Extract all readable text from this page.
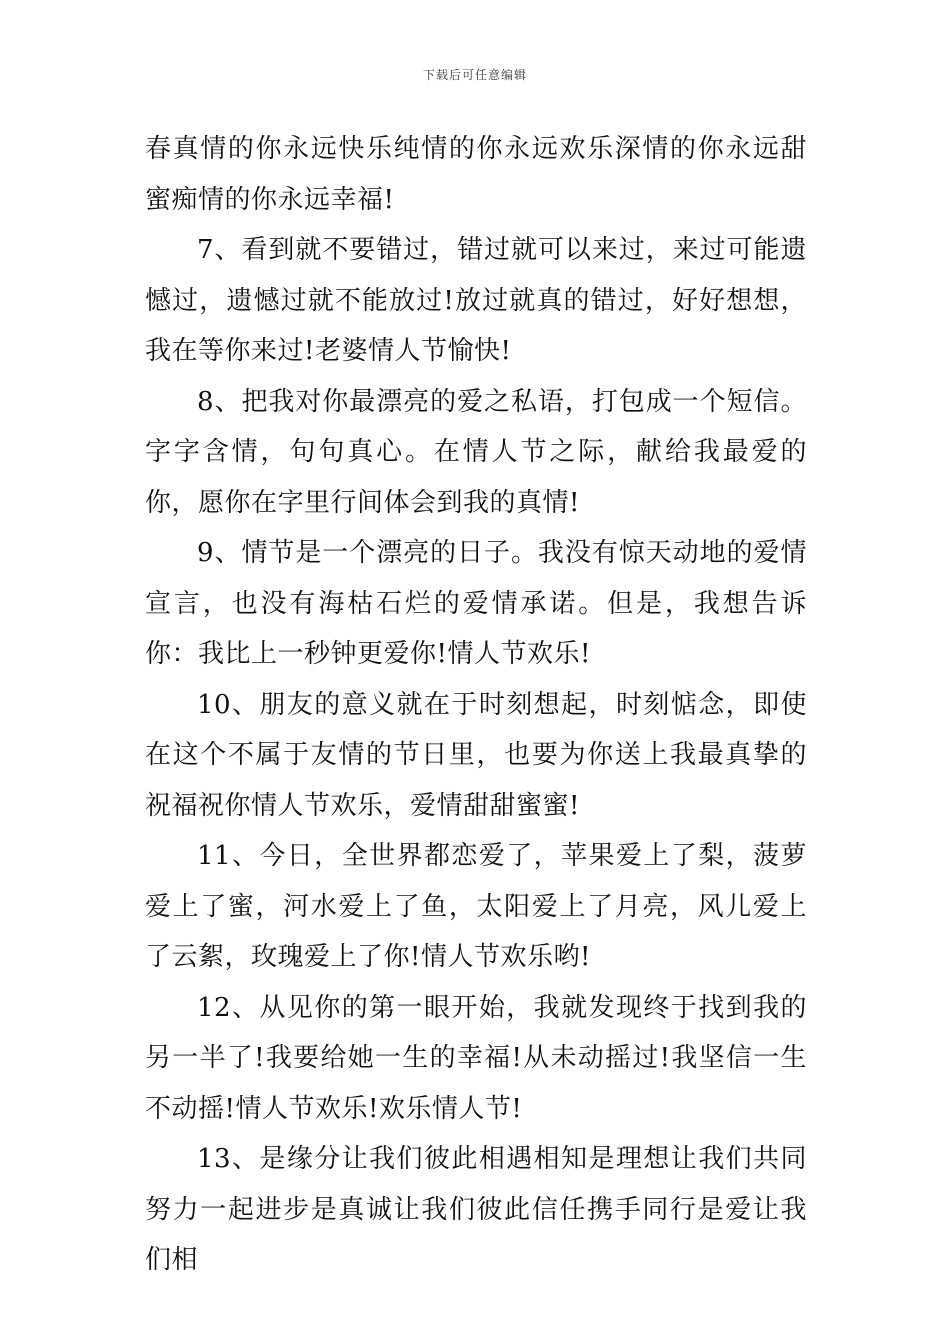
下载后可任意编辑

春真情的你永远快乐纯情的你永远欢乐深情的你永远甜蜜痴情的你永远幸福!

7、看到就不要错过，错过就可以来过，来过可能遗憾过，遗憾过就不能放过!放过就真的错过，好好想想，我在等你来过!老婆情人节愉快!

8、把我对你最漂亮的爱之私语，打包成一个短信。字字含情，句句真心。在情人节之际，献给我最爱的你，愿你在字里行间体会到我的真情!

9、情节是一个漂亮的日子。我没有惊天动地的爱情宣言，也没有海枯石烂的爱情承诺。但是，我想告诉你：我比上一秒钟更爱你!情人节欢乐!

10、朋友的意义就在于时刻想起，时刻惦念，即使在这个不属于友情的节日里，也要为你送上我最真挚的祝福祝你情人节欢乐，爱情甜甜蜜蜜!

11、今日，全世界都恋爱了，苹果爱上了梨，菠萝爱上了蜜，河水爱上了鱼，太阳爱上了月亮，风儿爱上了云絮，玫瑰爱上了你!情人节欢乐哟!

12、从见你的第一眼开始，我就发现终于找到我的另一半了!我要给她一生的幸福!从未动摇过!我坚信一生不动摇!情人节欢乐!欢乐情人节!

13、是缘分让我们彼此相遇相知是理想让我们共同努力一起进步是真诚让我们彼此信任携手同行是爱让我们相
